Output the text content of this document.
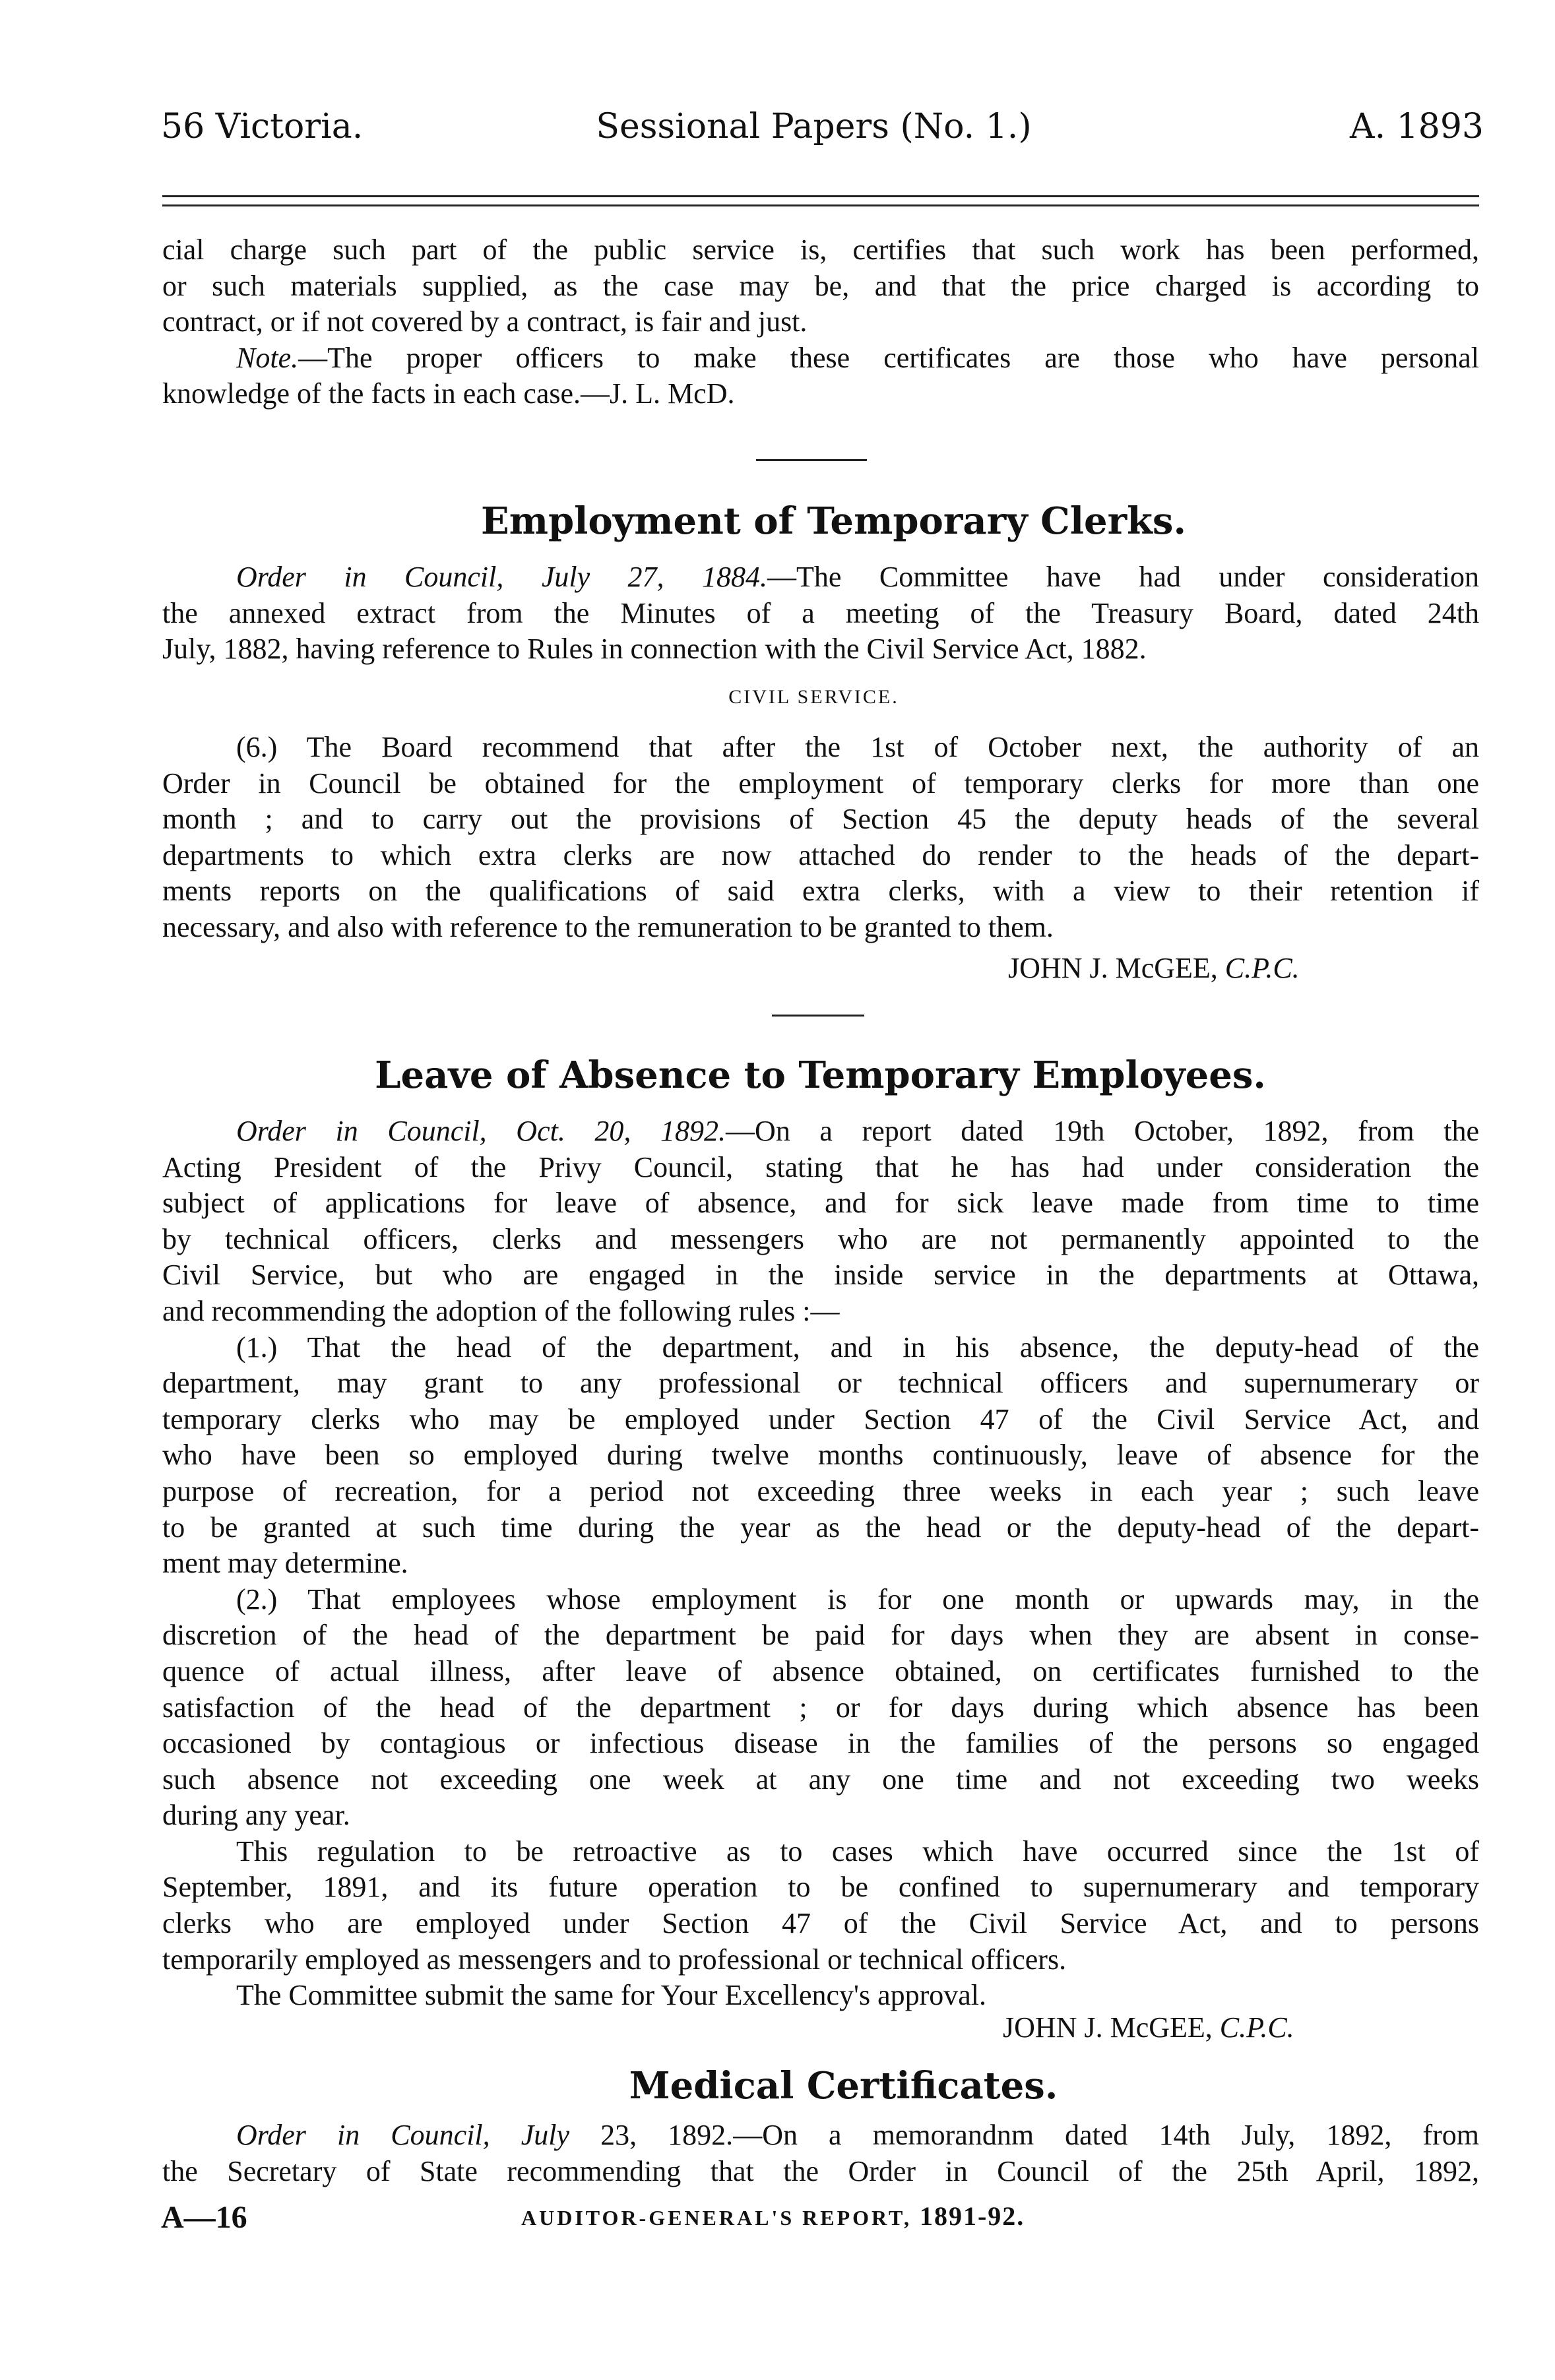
56 Victoria.	Sessional Papers (No. 1.)	A. 1893

cial charge such part of the public service is, certifies that such work has been performed,

or such materials supplied, as the case may be, and that the price charged is according to

contract, or if not covered by a contract, is fair and just.

Note.—The proper officers to make these certificates are those who have personal

knowledge of the facts in each case.—J. L. McD.

Employment of Temporary Clerks.

Order in Council, July 27, 1884.—The Committee have had under consideration

the annexed extract from the Minutes of a meeting of the Treasury Board, dated 24th

July, 1882, having reference to Rules in connection with the Civil Service Act, 1882.

CIVIL SERVICE.

(6.) The Board recommend that after the 1st of October next, the authority of an

Order in Council be obtained for the employment of temporary clerks for more than one

month ; and to carry out the provisions of Section 45 the deputy heads of the several

departments to which extra clerks are now attached do render to the heads of the depart-

ments reports on the qualifications of said extra clerks, with a view to their retention if

necessary, and also with reference to the remuneration to be granted to them.

JOHN J. McGEE, C.P.C.
Leave of Absence to Temporary Employees.

Order in Council, Oct. 20, 1892.—On a report dated 19th October, 1892, from the

Acting President of the Privy Council, stating that he has had under consideration the

subject of applications for leave of absence, and for sick leave made from time to time

by technical officers, clerks and messengers who are not permanently appointed to the

Civil Service, but who are engaged in the inside service in the departments at Ottawa,

and recommending the adoption of the following rules :—

(1.) That the head of the department, and in his absence, the deputy-head of the

department, may grant to any professional or technical officers and supernumerary or

temporary clerks who may be employed under Section 47 of the Civil Service Act, and

who have been so employed during twelve months continuously, leave of absence for the

purpose of recreation, for a period not exceeding three weeks in each year ; such leave

to be granted at such time during the year as the head or the deputy-head of the depart-

ment may determine.

(2.) That employees whose employment is for one month or upwards may, in the

discretion of the head of the department be paid for days when they are absent in conse-

quence of actual illness, after leave of absence obtained, on certificates furnished to the

satisfaction of the head of the department ; or for days during which absence has been

occasioned by contagious or infectious disease in the families of the persons so engaged

such absence not exceeding one week at any one time and not exceeding two weeks

during any year.

This regulation to be retroactive as to cases which have occurred since the 1st of

September, 1891, and its future operation to be confined to supernumerary and temporary

clerks who are employed under Section 47 of the Civil Service Act, and to persons

temporarily employed as messengers and to professional or technical officers.

The Committee submit the same for Your Excellency's approval.

JOHN J. McGEE, C.P.C.
Medical Certificates.

Order in Council, July 23, 1892.—On a memorandnm dated 14th July, 1892, from

the Secretary of State recommending that the Order in Council of the 25th April, 1892,

A—16	AUDITOR-GENERAL'S REPORT, 1891-92.
